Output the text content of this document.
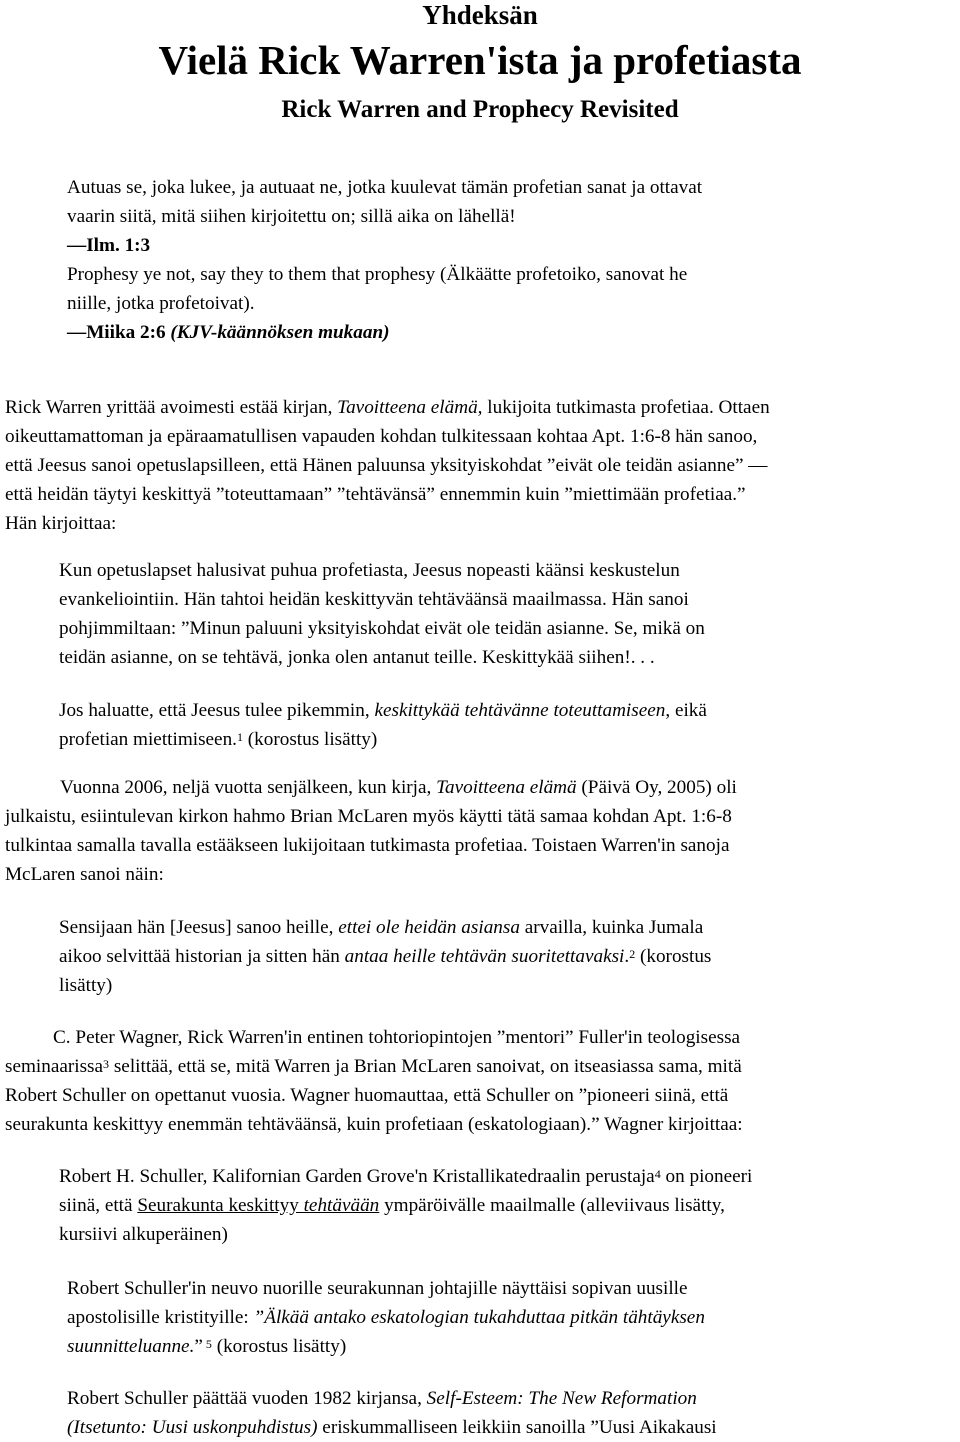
Yhdeksän
Vielä Rick Warren'ista ja profetiasta
Rick Warren and Prophecy Revisited
Autuas se, joka lukee, ja autuaat ne, jotka kuulevat tämän profetian sanat ja ottavat
vaarin siitä, mitä siihen kirjoitettu on; sillä aika on lähellä!
—Ilm. 1:3
Prophesy ye not, say they to them that prophesy (Älkäätte profetoiko, sanovat he
niille, jotka profetoivat).
—Miika 2:6 (KJV-käännöksen mukaan)
Rick Warren yrittää avoimesti estää kirjan, Tavoitteena elämä, lukijoita tutkimasta profetiaa. Ottaen
oikeuttamattoman ja epäraamatullisen vapauden kohdan tulkitessaan kohtaa Apt. 1:6-8 hän sanoo,
että Jeesus sanoi opetuslapsilleen, että Hänen paluunsa yksityiskohdat ”eivät ole teidän asianne” —
että heidän täytyi keskittyä ”toteuttamaan” ”tehtävänsä” ennemmin kuin ”miettimään profetiaa.”
Hän kirjoittaa:
Kun opetuslapset halusivat puhua profetiasta, Jeesus nopeasti käänsi keskustelun
evankeliointiin. Hän tahtoi heidän keskittyvän tehtäväänsä maailmassa. Hän sanoi
pohjimmiltaan: ”Minun paluuni yksityiskohdat eivät ole teidän asianne. Se, mikä on
teidän asianne, on se tehtävä, jonka olen antanut teille. Keskittykää siihen!. . .
Jos haluatte, että Jeesus tulee pikemmin, keskittykää tehtävänne toteuttamiseen, eikä
profetian miettimiseen.$^1$ (korostus lisätty)
Vuonna 2006, neljä vuotta senjälkeen, kun kirja, Tavoitteena elämä (Päivä Oy, 2005) oli
julkaistu, esiintulevan kirkon hahmo Brian McLaren myös käytti tätä samaa kohdan Apt. 1:6-8
tulkintaa samalla tavalla estääkseen lukijoitaan tutkimasta profetiaa. Toistaen Warren'in sanoja
McLaren sanoi näin:
Sensijaan hän [Jeesus] sanoo heille, ettei ole heidän asiansa arvailla, kuinka Jumala
aikoo selvittää historian ja sitten hän antaa heille tehtävän suoritettavaksi.$^2$ (korostus
lisätty)
C. Peter Wagner, Rick Warren'in entinen tohtoriopintojen ”mentori” Fuller'in teologisessa
seminaarissa$^3$ selittää, että se, mitä Warren ja Brian McLaren sanoivat, on itseasiassa sama, mitä
Robert Schuller on opettanut vuosia. Wagner huomauttaa, että Schuller on ”pioneeri siinä, että
seurakunta keskittyy enemmän tehtäväänsä, kuin profetiaan (eskatologiaan).” Wagner kirjoittaa:
Robert H. Schuller, Kalifornian Garden Grove'n Kristallikatedraalin perustaja$^4$ on pioneeri
siinä, että Seurakunta keskittyy tehtävään ympäröivälle maailmalle (alleviivaus lisätty,
kursiivi alkuperäinen)
Robert Schuller'in neuvo nuorille seurakunnan johtajille näyttäisi sopivan uusille
apostolisille kristityille: ”Älkää antako eskatologian tukahduttaa pitkän tähtäyksen
suunnitteluanne.” $^5$ (korostus lisätty)
Robert Schuller päättää vuoden 1982 kirjansa, Self-Esteem: The New Reformation
(Itsetunto: Uusi uskonpuhdistus) eriskummalliseen leikkiin sanoilla ”Uusi Aikakausi
